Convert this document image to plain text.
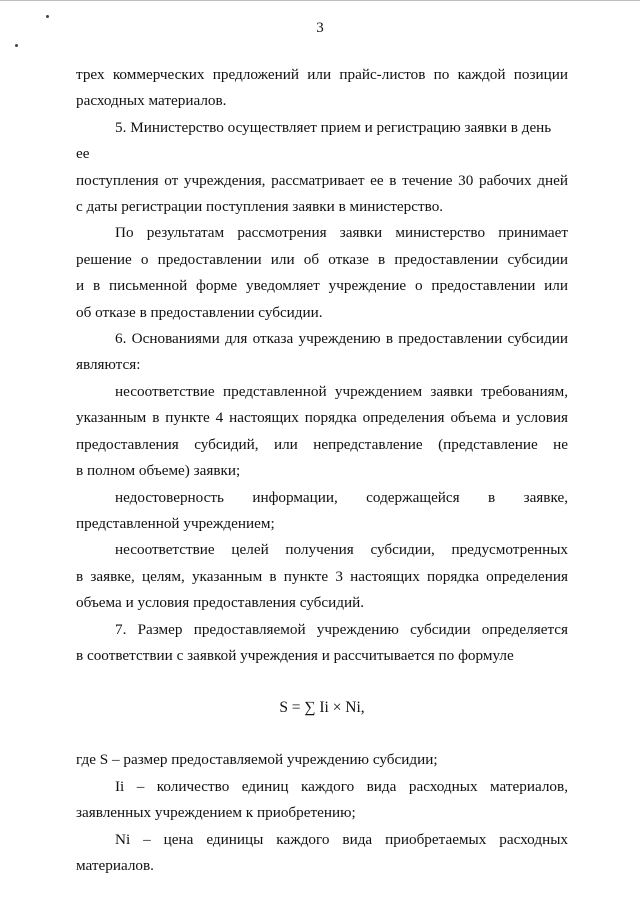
3

трех коммерческих предложений или прайс-листов по каждой позиции

расходных материалов.

5. Министерство осуществляет прием и регистрацию заявки в день ее

поступления от учреждения, рассматривает ее в течение 30 рабочих дней

с даты регистрации поступления заявки в министерство.

По результатам рассмотрения заявки министерство принимает

решение о предоставлении или об отказе в предоставлении субсидии

и в письменной форме уведомляет учреждение о предоставлении или

об отказе в предоставлении субсидии.

6. Основаниями для отказа учреждению в предоставлении субсидии

являются:

несоответствие представленной учреждением заявки требованиям,

указанным в пункте 4 настоящих порядка определения объема и условия

предоставления субсидий, или непредставление (представление не

в полном объеме) заявки;

недостоверность информации, содержащейся в заявке,

представленной учреждением;

несоответствие целей получения субсидии, предусмотренных

в заявке, целям, указанным в пункте 3 настоящих порядка определения

объема и условия предоставления субсидий.

7. Размер предоставляемой учреждению субсидии определяется

в соответствии с заявкой учреждения и рассчитывается по формуле

S = ∑ Ii × Ni,

где S – размер предоставляемой учреждению субсидии;

Ii – количество единиц каждого вида расходных материалов,

заявленных учреждением к приобретению;

Ni – цена единицы каждого вида приобретаемых расходных

материалов.
